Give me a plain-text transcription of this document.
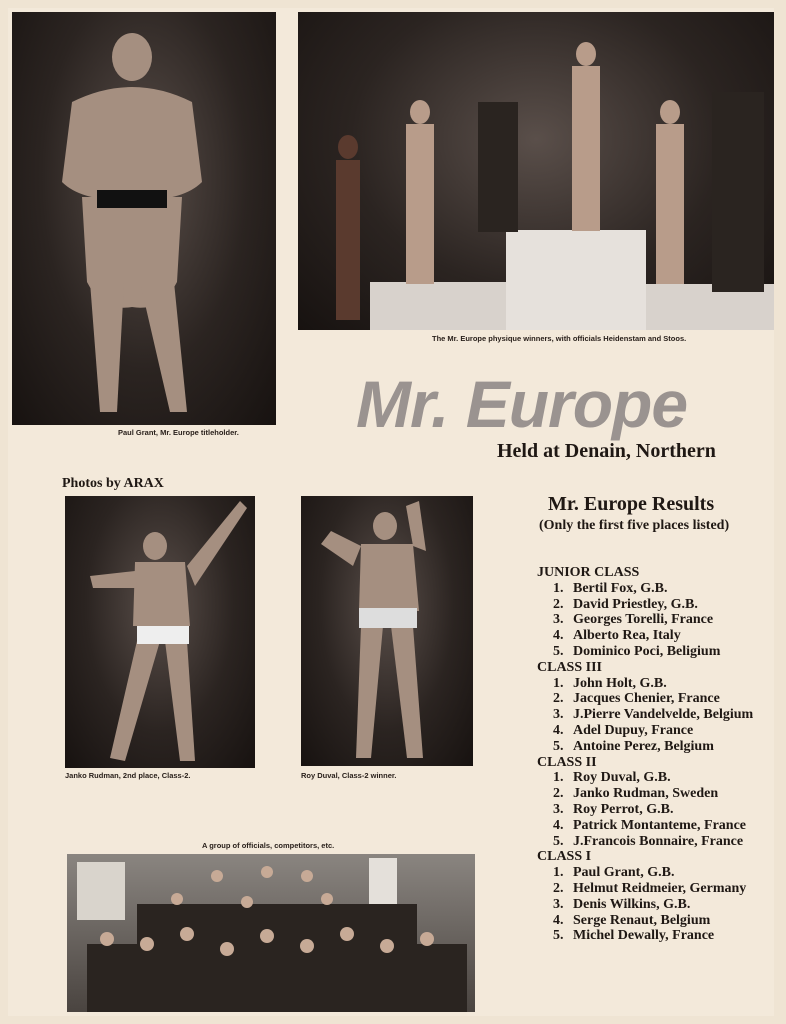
Paul Grant, Mr. Europe titleholder.
The Mr. Europe physique winners, with officials Heidenstam and Stoos.
Mr. Europe
Held at Denain, Northern
Photos by ARAX
Janko Rudman, 2nd place, Class-2.	Roy Duval, Class-2 winner.
A group of officials, competitors, etc.
Mr. Europe Results
(Only the first five places listed)
JUNIOR CLASS
1. Bertil Fox, G.B.
2. David Priestley, G.B.
3. Georges Torelli, France
4. Alberto Rea, Italy
5. Dominico Poci, Beligium
CLASS III
1. John Holt, G.B.
2. Jacques Chenier, France
3. J.Pierre Vandelvelde, Belgium
4. Adel Dupuy, France
5. Antoine Perez, Belgium
CLASS II
1. Roy Duval, G.B.
2. Janko Rudman, Sweden
3. Roy Perrot, G.B.
4. Patrick Montanteme, France
5. J.Francois Bonnaire, France
CLASS I
1. Paul Grant, G.B.
2. Helmut Reidmeier, Germany
3. Denis Wilkins, G.B.
4. Serge Renaut, Belgium
5. Michel Dewally, France
